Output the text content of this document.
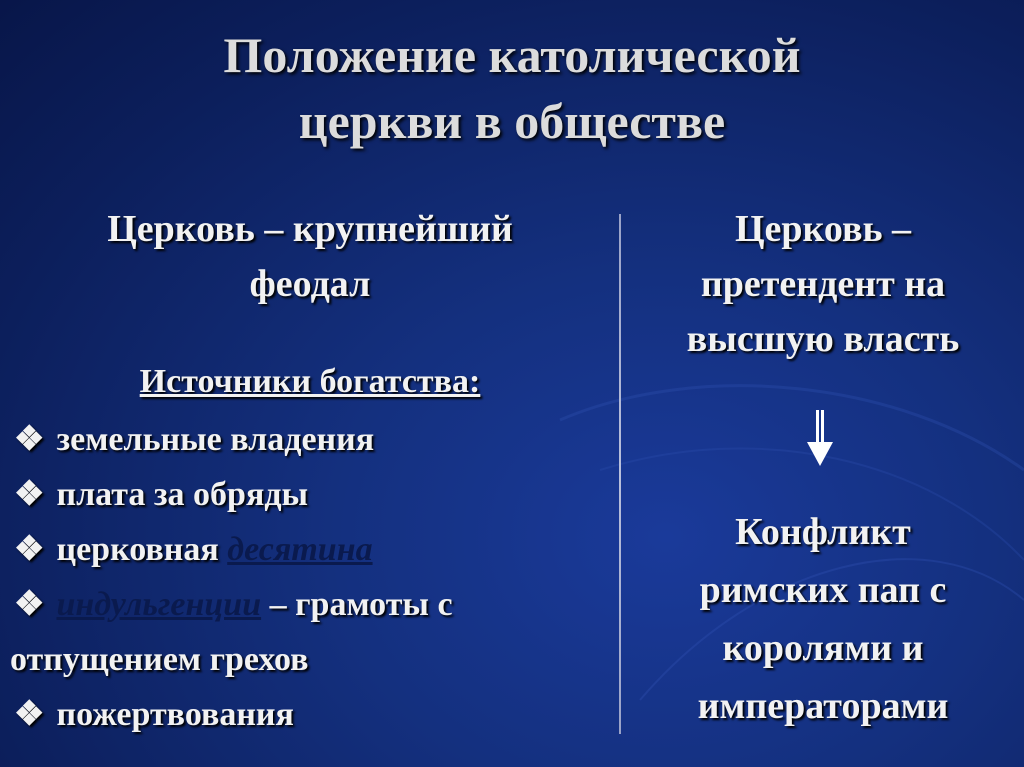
Положение католической
церкви в обществе
Церковь – крупнейший
феодал
Источники богатства:
❖ земельные владения
❖ плата за обряды
❖ церковная десятина
❖ индульгенции – грамоты с
отпущением грехов
❖ пожертвования
Церковь –
претендент на
высшую власть
Конфликт
римских пап с
королями и
императорами
